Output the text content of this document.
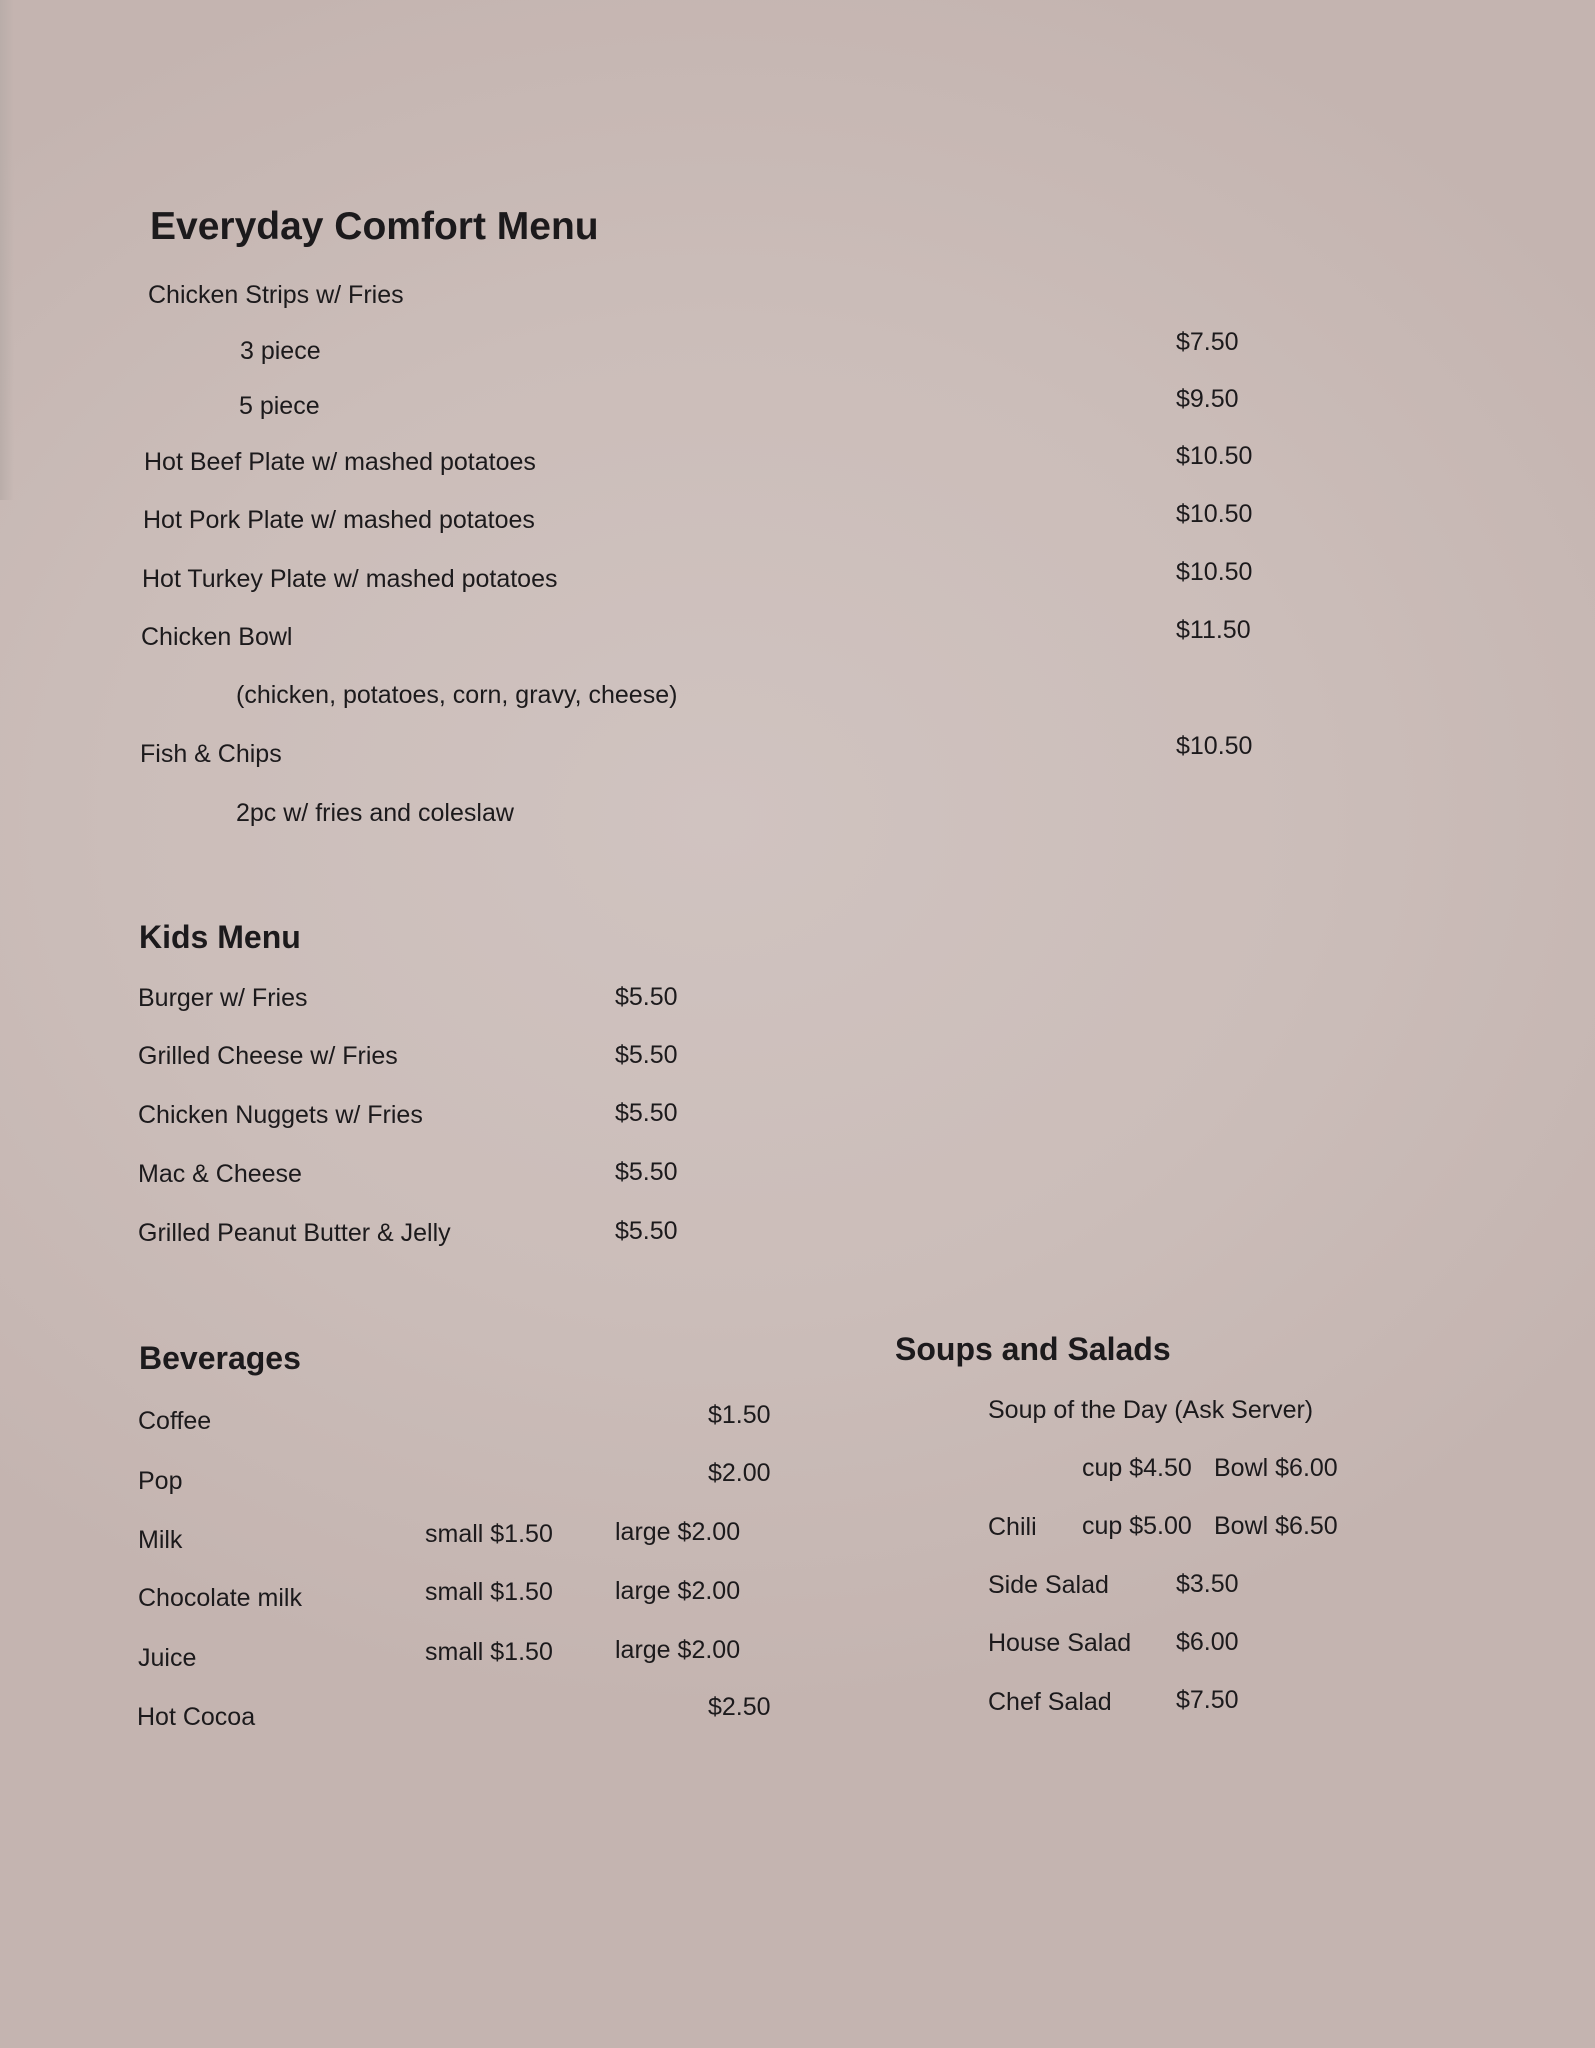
Everyday Comfort Menu
Chicken Strips w/ Fries
3 piece	$7.50
5 piece	$9.50
Hot Beef Plate w/ mashed potatoes	$10.50
Hot Pork Plate w/ mashed potatoes	$10.50
Hot Turkey Plate w/ mashed potatoes	$10.50
Chicken Bowl	$11.50
(chicken, potatoes, corn, gravy, cheese)
Fish & Chips	$10.50
2pc w/ fries and coleslaw
Kids Menu
Burger w/ Fries	$5.50
Grilled Cheese w/ Fries	$5.50
Chicken Nuggets w/ Fries	$5.50
Mac & Cheese	$5.50
Grilled Peanut Butter & Jelly	$5.50
Beverages
Coffee	$1.50
Pop	$2.00
Milk	small $1.50 large $2.00
Chocolate milk	small $1.50 large $2.00
Juice	small $1.50 large $2.00
Hot Cocoa	$2.50
Soups and Salads
Soup of the Day (Ask Server)
cup $4.50 Bowl $6.00
Chili cup $5.00 Bowl $6.50
Side Salad	$3.50
House Salad $6.00
Chef Salad	$7.50
